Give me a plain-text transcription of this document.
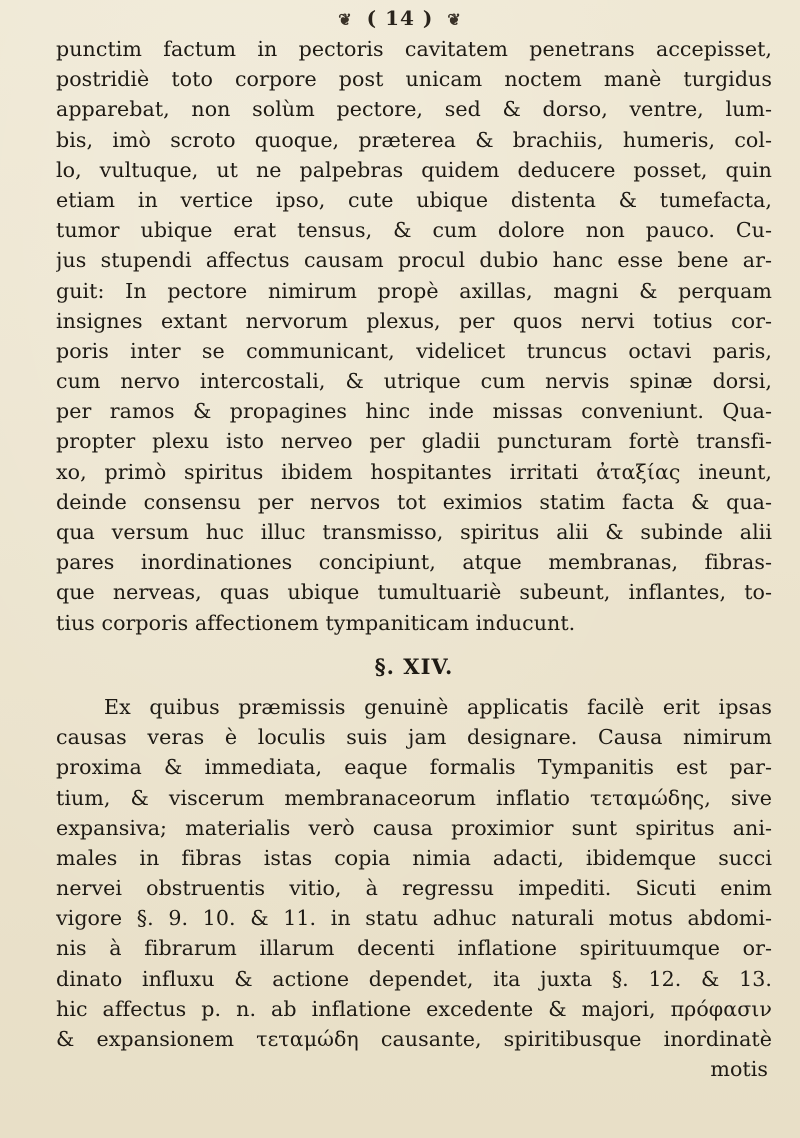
❦ ( 14 ) ❦
punctim factum in pectoris cavitatem penetrans accepisset,
postridiè toto corpore post unicam noctem manè turgidus
apparebat, non solùm pectore, sed & dorso, ventre, lum-
bis, imò scroto quoque, præterea & brachiis, humeris, col-
lo, vultuque, ut ne palpebras quidem deducere posset, quin
etiam in vertice ipso, cute ubique distenta & tumefacta,
tumor ubique erat tensus, & cum dolore non pauco. Cu-
jus stupendi affectus causam procul dubio hanc esse bene ar-
guit: In pectore nimirum propè axillas, magni & perquam
insignes extant nervorum plexus, per quos nervi totius cor-
poris inter se communicant, videlicet truncus octavi paris,
cum nervo intercostali, & utrique cum nervis spinæ dorsi,
per ramos & propagines hinc inde missas conveniunt. Qua-
propter plexu isto nerveo per gladii puncturam fortè transfi-
xo, primò spiritus ibidem hospitantes irritati ἀταξίας ineunt,
deinde consensu per nervos tot eximios statim facta & qua-
qua versum huc illuc transmisso, spiritus alii & subinde alii
pares inordinationes concipiunt, atque membranas, fibras-
que nerveas, quas ubique tumultuariè subeunt, inflantes, to-
tius corporis affectionem tympaniticam inducunt.
§. XIV.
Ex quibus præmissis genuinè applicatis facilè erit ipsas
causas veras è loculis suis jam designare. Causa nimirum
proxima & immediata, eaque formalis Tympanitis est par-
tium, & viscerum membranaceorum inflatio τεταμώδης, sive
expansiva; materialis verò causa proximior sunt spiritus ani-
males in fibras istas copia nimia adacti, ibidemque succi
nervei obstruentis vitio, à regressu impediti. Sicuti enim
vigore §. 9. 10. & 11. in statu adhuc naturali motus abdomi-
nis à fibrarum illarum decenti inflatione spirituumque or-
dinato influxu & actione dependet, ita juxta §. 12. & 13.
hic affectus p. n. ab inflatione excedente & majori, πρόφασιν
& expansionem τεταμώδη causante, spiritibusque inordinatè
motis
